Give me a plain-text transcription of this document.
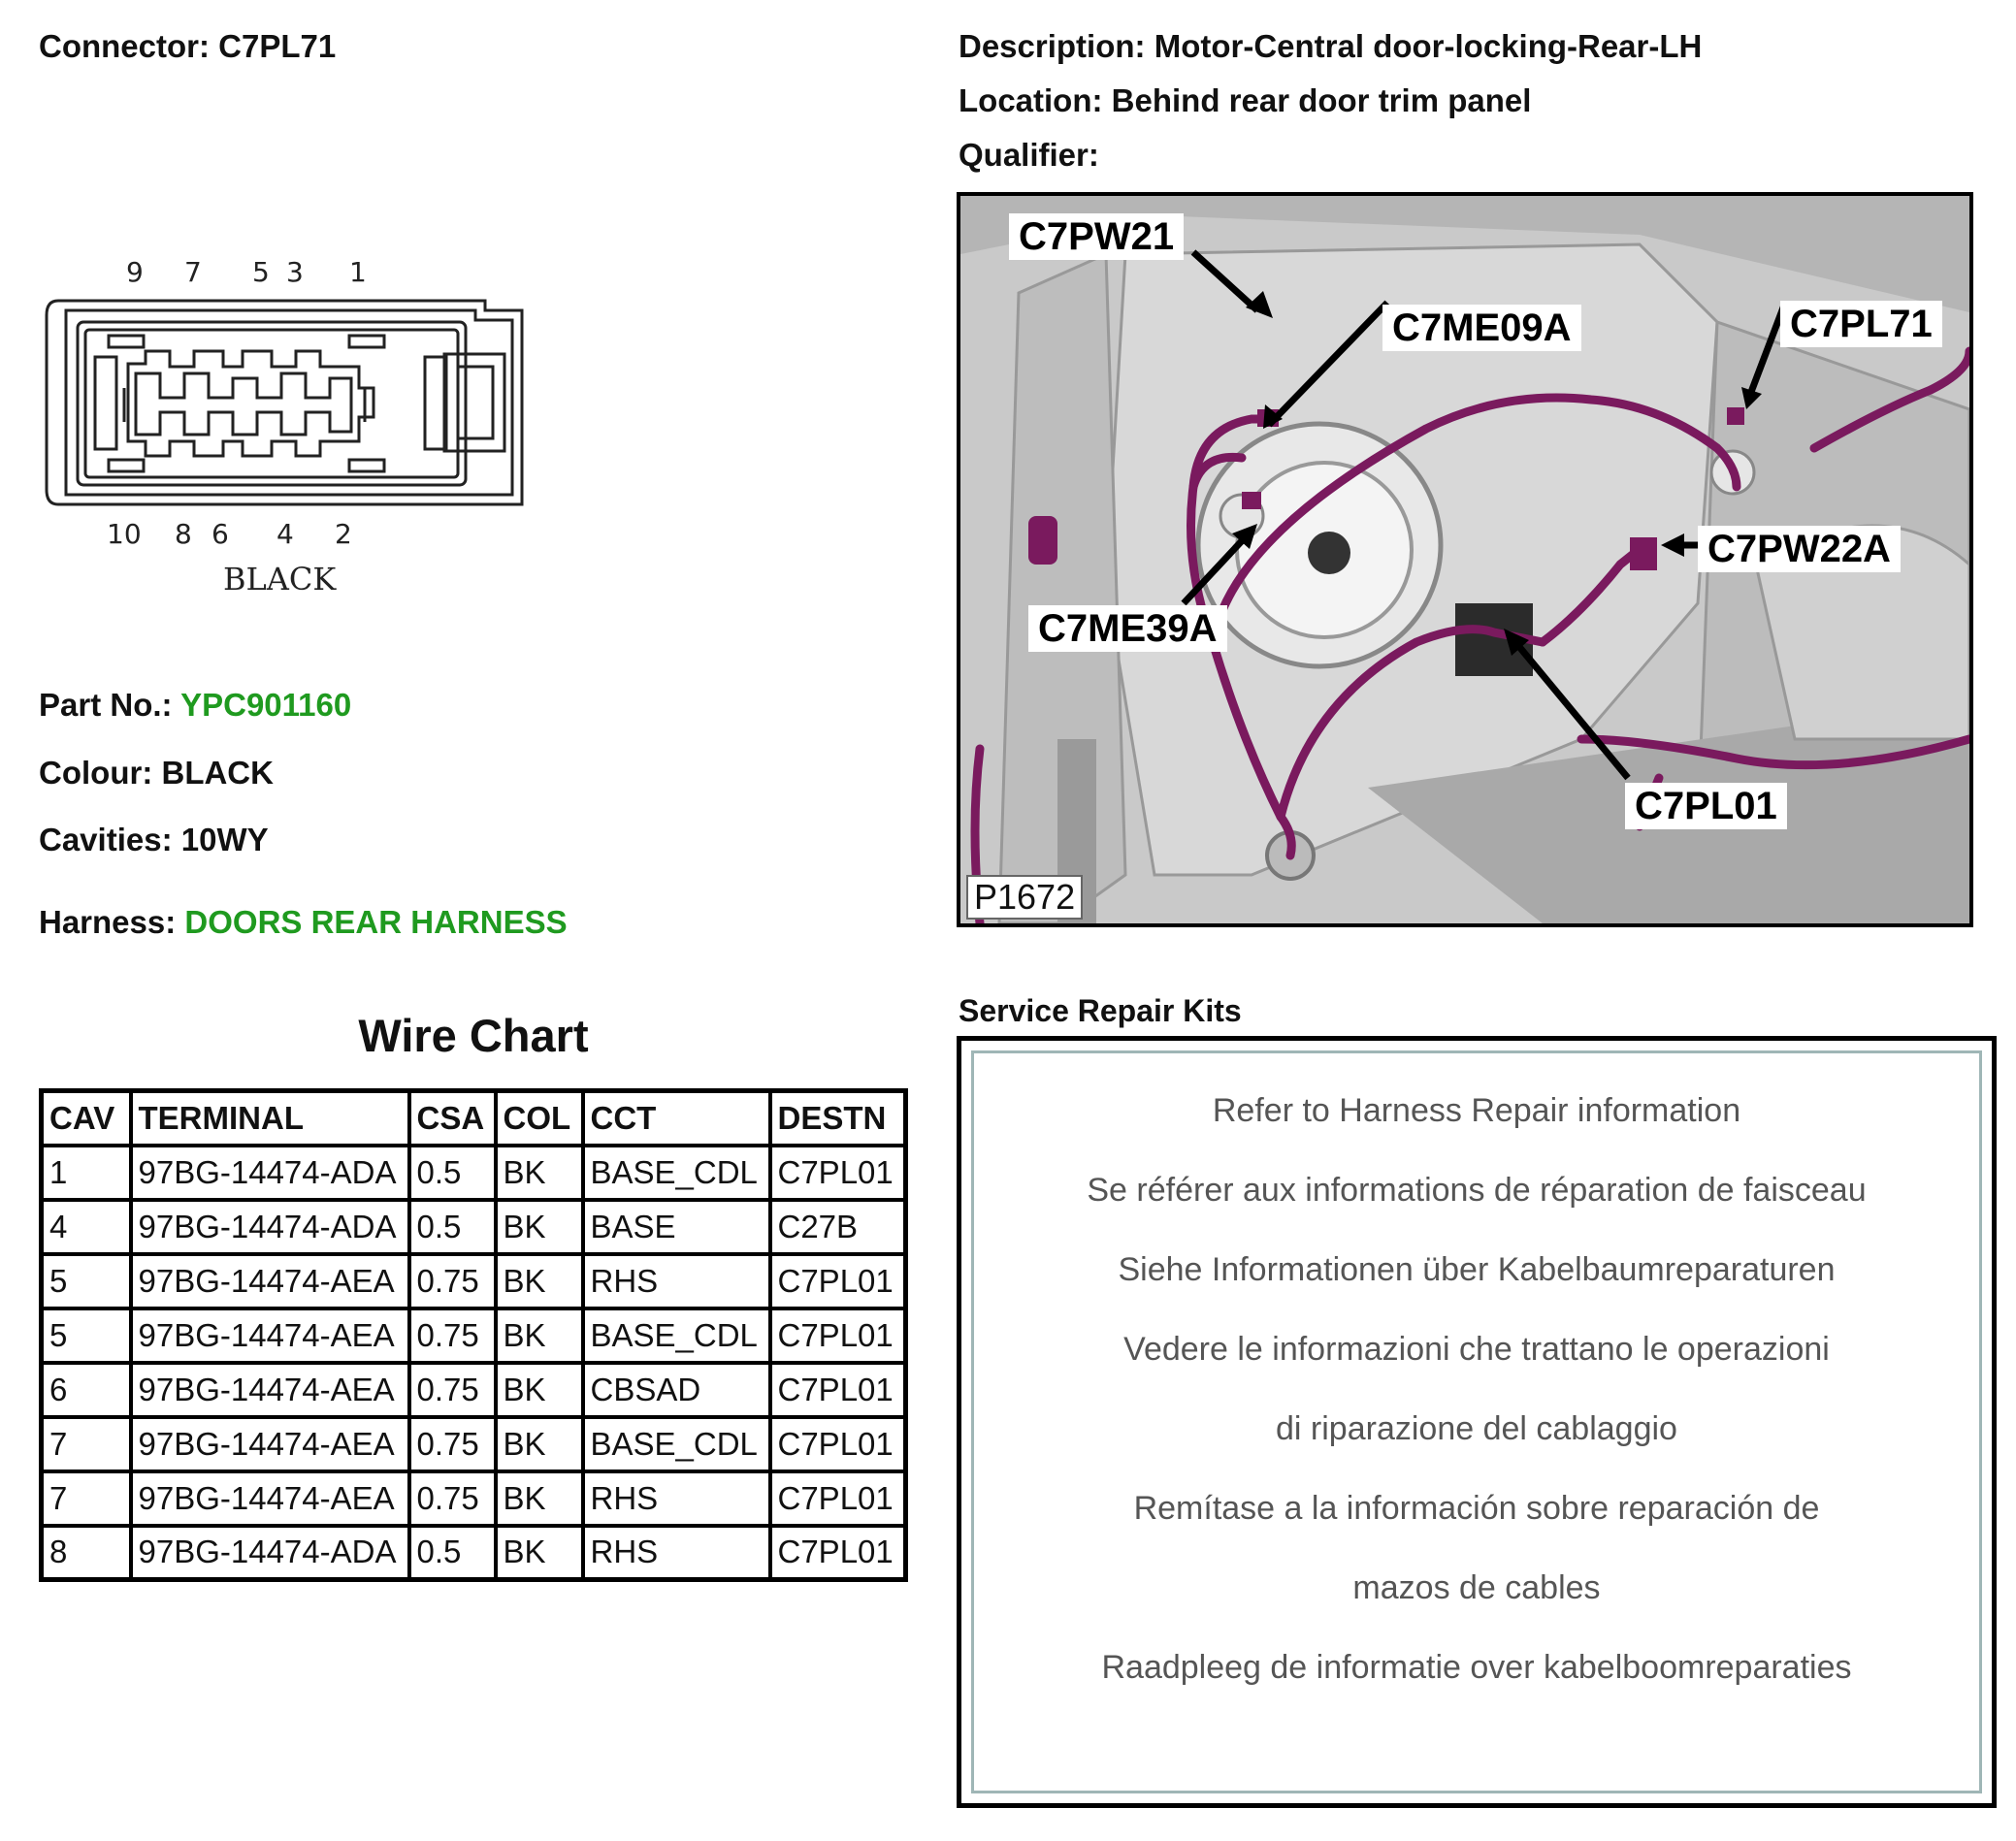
Connector: C7PL71
9 7 5 3 1
10 8 6 4 2
BLACK
Part No.: YPC901160
Colour: BLACK
Cavities: 10WY
Harness: DOORS REAR HARNESS
Wire Chart
CAV	TERMINAL	CSA	COL	CCT	DESTN
1	97BG-14474-ADA	0.5	BK	BASE_CDL	C7PL01
4	97BG-14474-ADA	0.5	BK	BASE	C27B
5	97BG-14474-AEA	0.75	BK	RHS	C7PL01
5	97BG-14474-AEA	0.75	BK	BASE_CDL	C7PL01
6	97BG-14474-AEA	0.75	BK	CBSAD	C7PL01
7	97BG-14474-AEA	0.75	BK	BASE_CDL	C7PL01
7	97BG-14474-AEA	0.75	BK	RHS	C7PL01
8	97BG-14474-ADA	0.5	BK	RHS	C7PL01
Description: Motor-Central door-locking-Rear-LH
Location: Behind rear door trim panel
Qualifier:
C7PW21
C7ME09A	C7PL71
C7PW22A
C7ME39A
C7PL01
P1672
Service Repair Kits
Refer to Harness Repair information
Se référer aux informations de réparation de faisceau
Siehe Informationen über Kabelbaumreparaturen
Vedere le informazioni che trattano le operazioni
di riparazione del cablaggio
Remítase a la información sobre reparación de
mazos de cables
Raadpleeg de informatie over kabelboomreparaties
